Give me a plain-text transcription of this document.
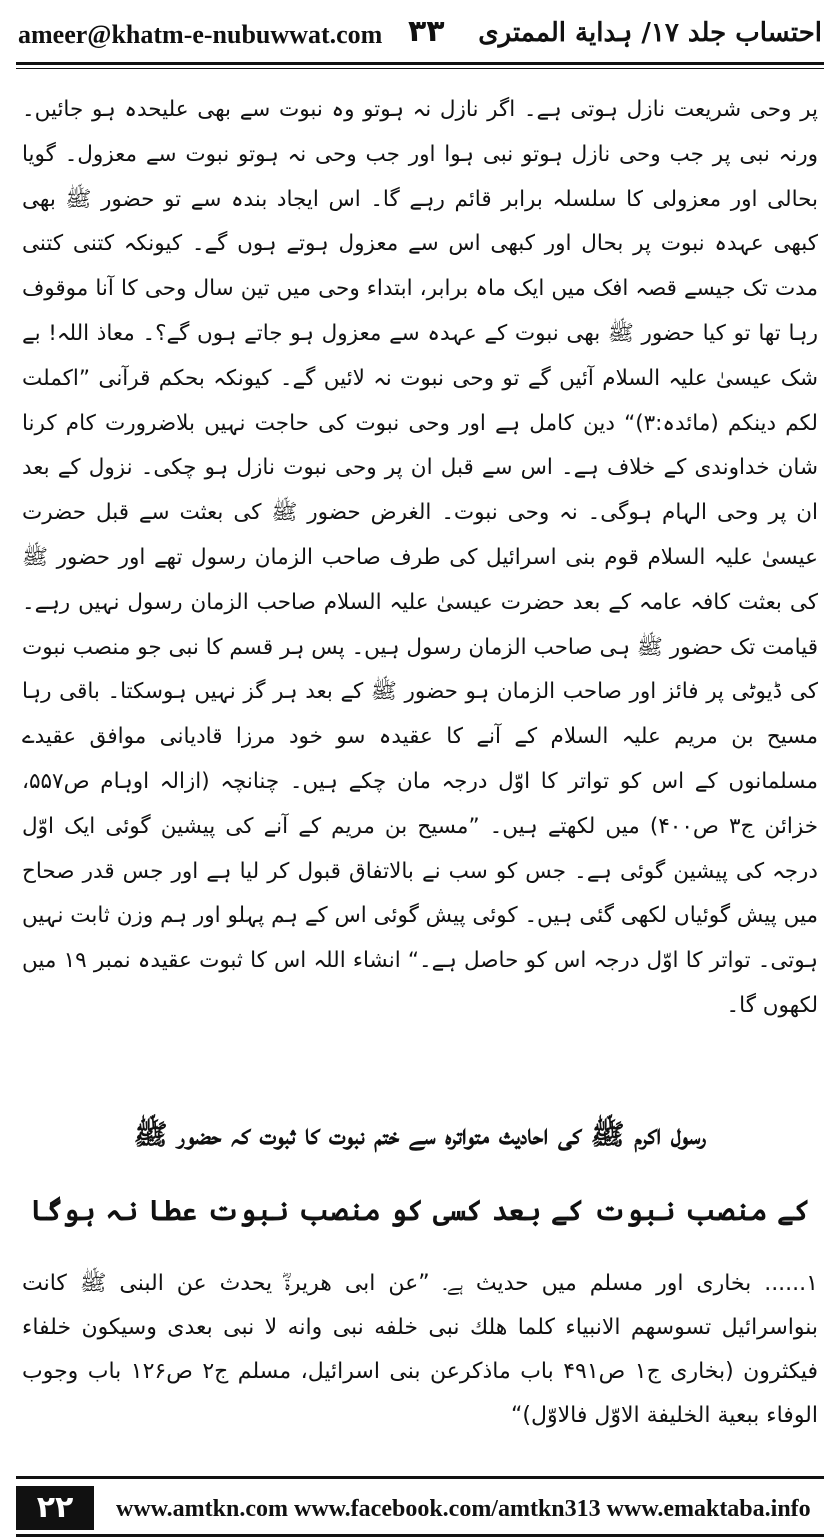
ameer@khatm-e-nubuwwat.com ۳۳ احتساب جلد ۱۷/ ہدایة الممتری
پر وحی شریعت نازل ہوتی ہے۔ اگر نازل نہ ہوتو وہ نبوت سے بھی علیحدہ ہو جائیں۔ ورنہ نبی پر جب وحی نازل ہوتو نبی ہوا اور جب وحی نہ ہوتو نبوت سے معزول۔ گویا بحالی اور معزولی کا سلسلہ برابر قائم رہے گا۔ اس ایجاد بندہ سے تو حضور ﷺ بھی کبھی عہدہ نبوت پر بحال اور کبھی اس سے معزول ہوتے ہوں گے۔ کیونکہ کتنی کتنی مدت تک جیسے قصہ افک میں ایک ماہ برابر، ابتداء وحی میں تین سال وحی کا آنا موقوف رہا تھا تو کیا حضور ﷺ بھی نبوت کے عہدہ سے معزول ہو جاتے ہوں گے؟۔ معاذ اللہ! بے شک عیسیٰ علیہ السلام آئیں گے تو وحی نبوت نہ لائیں گے۔ کیونکہ بحکم قرآنی ”اکملت لکم دینکم (مائدہ:۳)“ دین کامل ہے اور وحی نبوت کی حاجت نہیں بلاضرورت کام کرنا شان خداوندی کے خلاف ہے۔ اس سے قبل ان پر وحی نبوت نازل ہو چکی۔ نزول کے بعد ان پر وحی الہام ہوگی۔ نہ وحی نبوت۔ الغرض حضور ﷺ کی بعثت سے قبل حضرت عیسیٰ علیہ السلام قوم بنی اسرائیل کی طرف صاحب الزمان رسول تھے اور حضور ﷺ کی بعثت کافہ عامہ کے بعد حضرت عیسیٰ علیہ السلام صاحب الزمان رسول نہیں رہے۔ قیامت تک حضور ﷺ ہی صاحب الزمان رسول ہیں۔ پس ہر قسم کا نبی جو منصب نبوت کی ڈیوٹی پر فائز اور صاحب الزمان ہو حضور ﷺ کے بعد ہر گز نہیں ہوسکتا۔ باقی رہا مسیح بن مریم علیہ السلام کے آنے کا عقیدہ سو خود مرزا قادیانی موافق عقیدے مسلمانوں کے اس کو تواتر کا اوّل درجہ مان چکے ہیں۔ چنانچہ (ازالہ اوہام ص۵۵۷، خزائن ج۳ ص۴۰۰) میں لکھتے ہیں۔ ”مسیح بن مریم کے آنے کی پیشین گوئی ایک اوّل درجہ کی پیشین گوئی ہے۔ جس کو سب نے بالاتفاق قبول کر لیا ہے اور جس قدر صحاح میں پیش گوئیاں لکھی گئی ہیں۔ کوئی پیش گوئی اس کے ہم پہلو اور ہم وزن ثابت نہیں ہوتی۔ تواتر کا اوّل درجہ اس کو حاصل ہے۔“ انشاء اللہ اس کا ثبوت عقیدہ نمبر ۱۹ میں لکھوں گا۔
رسول اکرم ﷺ کی احادیث متواترہ سے ختم نبوت کا ثبوت کہ حضور ﷺ
کے منصب نبوت کے بعد کسی کو منصب نبوت عطا نہ ہوگا
۱...... بخاری اور مسلم میں حدیث ہے۔ ”عن ابی هريرةؓ يحدث عن البنی ﷺ كانت بنواسرائيل تسوسهم الانبياء كلما هلك نبی خلفه نبی وانه لا نبی بعدی وسيكون خلفاء فيكثرون (بخاری ج۱ ص۴۹۱ باب ماذكرعن بنی اسرائيل، مسلم ج۲ ص۱۲۶ باب وجوب الوفاء ببعية الخليفة الاوّل فالاوّل)“
۲۲	www.amtkn.com www.facebook.com/amtkn313 www.emaktaba.info
